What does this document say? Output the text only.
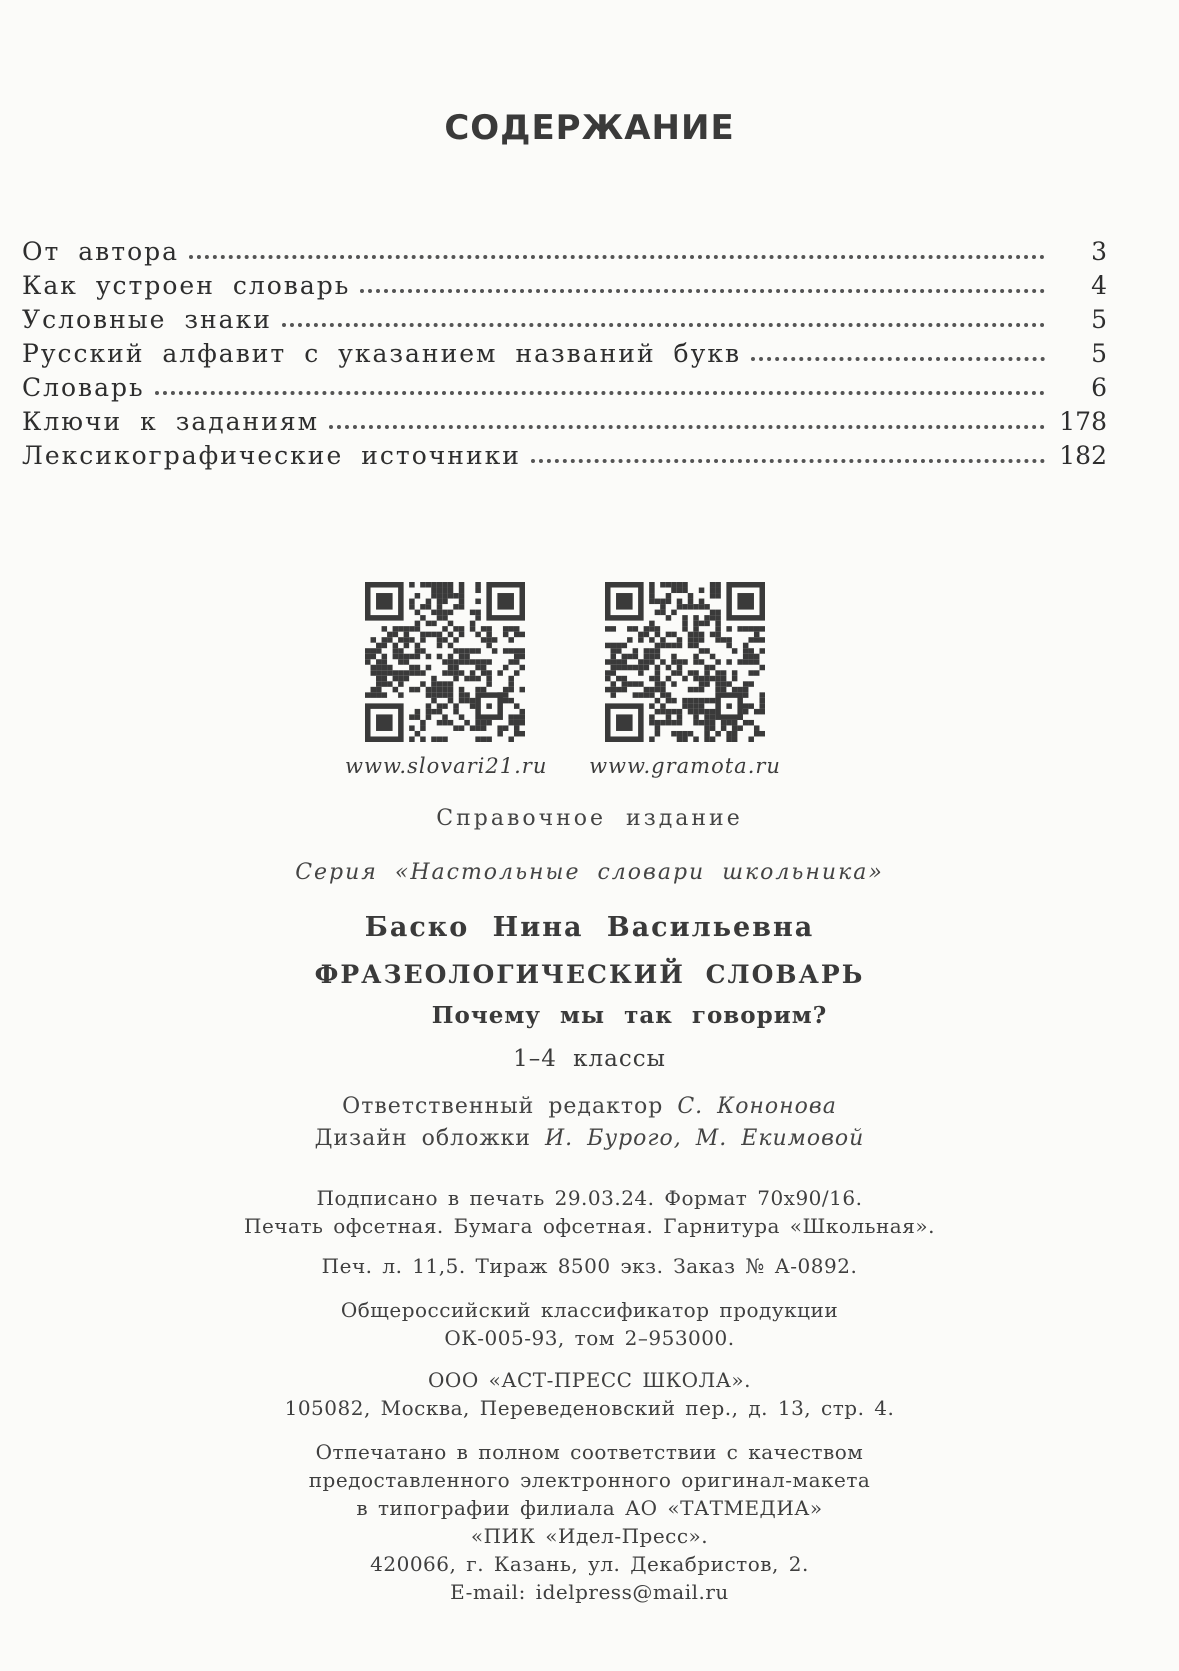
СОДЕРЖАНИЕ
От автора	3
Как устроен словарь	4
Условные знаки	5
Русский алфавит с указанием названий букв	5
Словарь	6
Ключи к заданиям	178
Лексикографические источники	182
www.slovari21.ru www.gramota.ru
Справочное издание
Серия «Настольные словари школьника»
Баско Нина Васильевна
ФРАЗЕОЛОГИЧЕСКИЙ СЛОВАРЬ
Почему мы так говорим?
1–4 классы
Ответственный редактор С. Кононова
Дизайн обложки И. Бурого, М. Екимовой
Подписано в печать 29.03.24. Формат 70х90/16.
Печать офсетная. Бумага офсетная. Гарнитура «Школьная».
Печ. л. 11,5. Тираж 8500 экз. Заказ № А-0892.
Общероссийский классификатор продукции
ОК-005-93, том 2–953000.
ООО «АСТ-ПРЕСС ШКОЛА».
105082, Москва, Переведеновский пер., д. 13, стр. 4.
Отпечатано в полном соответствии с качеством
предоставленного электронного оригинал-макета
в типографии филиала АО «ТАТМЕДИА»
«ПИК «Идел-Пресс».
420066, г. Казань, ул. Декабристов, 2.
E-mail: idelpress@mail.ru
